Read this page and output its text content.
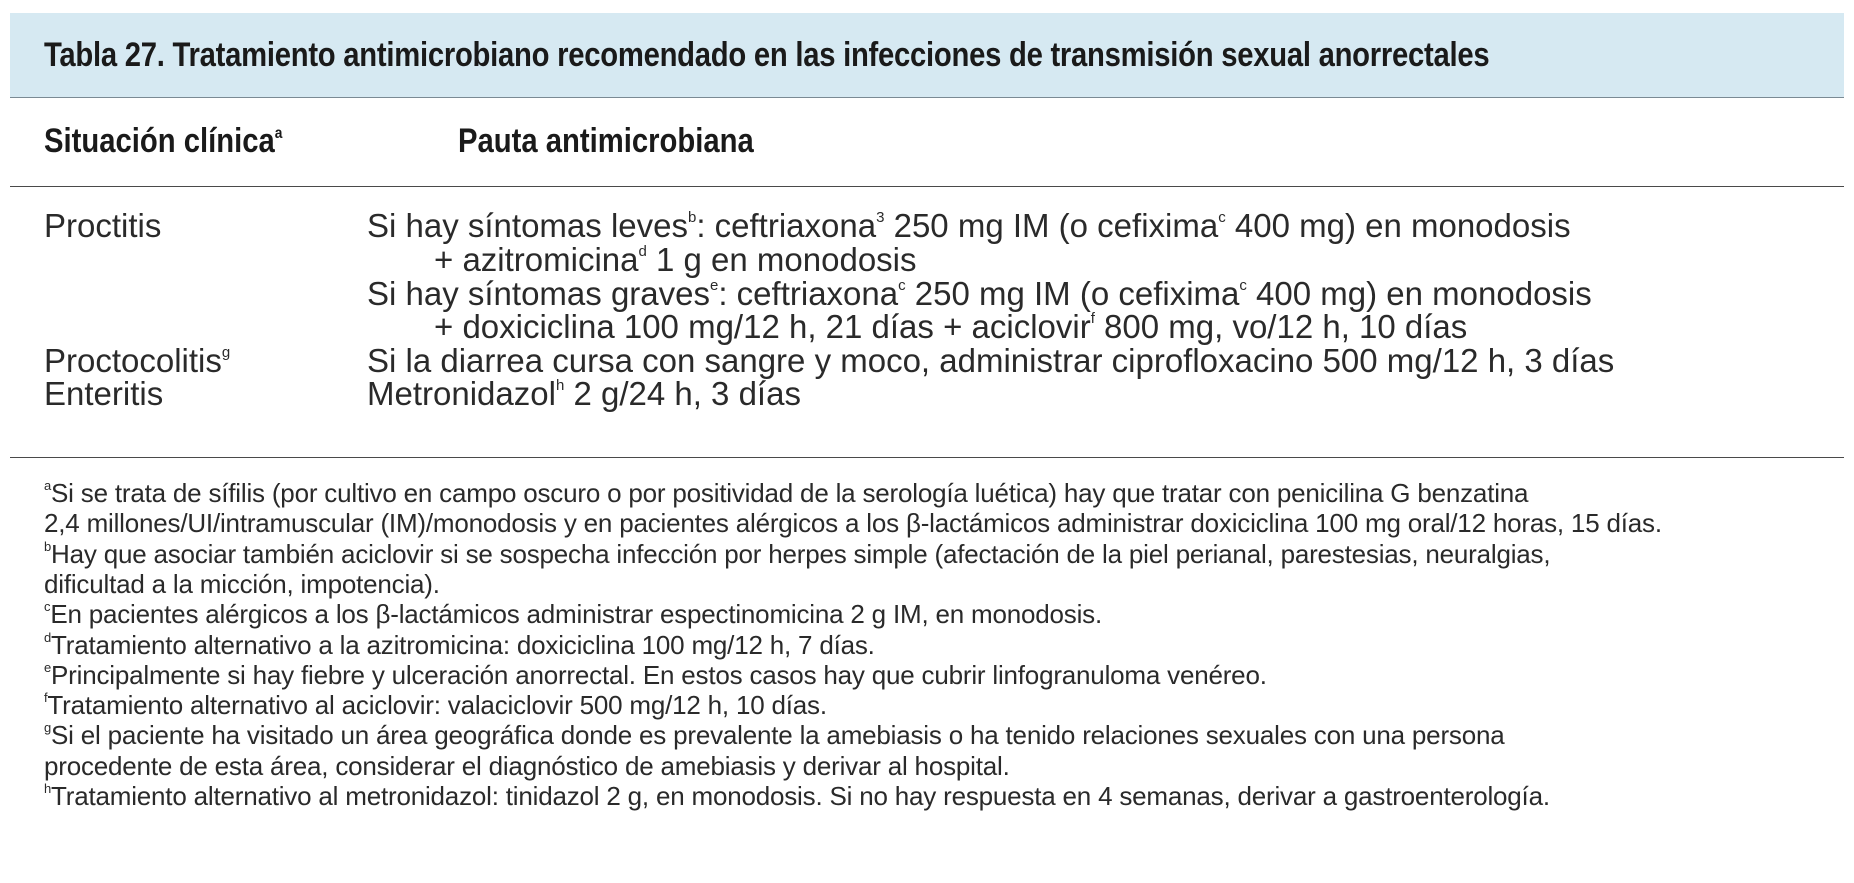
Tabla 27. Tratamiento antimicrobiano recomendado en las infecciones de transmisión sexual anorrectales
Situación clínica$^a$	Pauta antimicrobiana
Proctitis	Si hay síntomas leves$^b$: ceftriaxona$^3$ 250 mg IM (o cefixima$^c$ 400 mg) en monodosis
+ azitromicina$^d$ 1 g en monodosis
Si hay síntomas graves$^e$: ceftriaxona$^c$ 250 mg IM (o cefixima$^c$ 400 mg) en monodosis
+ doxiciclina 100 mg/12 h, 21 días + aciclovir$^f$ 800 mg, vo/12 h, 10 días
Proctocolitis$^g$	Si la diarrea cursa con sangre y moco, administrar ciprofloxacino 500 mg/12 h, 3 días
Enteritis	Metronidazol$^h$ 2 g/24 h, 3 días
$^a$Si se trata de sífilis (por cultivo en campo oscuro o por positividad de la serología luética) hay que tratar con penicilina G benzatina
2,4 millones/UI/intramuscular (IM)/monodosis y en pacientes alérgicos a los β-lactámicos administrar doxiciclina 100 mg oral/12 horas, 15 días.
$^b$Hay que asociar también aciclovir si se sospecha infección por herpes simple (afectación de la piel perianal, parestesias, neuralgias,
dificultad a la micción, impotencia).
$^c$En pacientes alérgicos a los β-lactámicos administrar espectinomicina 2 g IM, en monodosis.
$^d$Tratamiento alternativo a la azitromicina: doxiciclina 100 mg/12 h, 7 días.
$^e$Principalmente si hay fiebre y ulceración anorrectal. En estos casos hay que cubrir linfogranuloma venéreo.
$^f$Tratamiento alternativo al aciclovir: valaciclovir 500 mg/12 h, 10 días.
$^g$Si el paciente ha visitado un área geográfica donde es prevalente la amebiasis o ha tenido relaciones sexuales con una persona
procedente de esta área, considerar el diagnóstico de amebiasis y derivar al hospital.
$^h$Tratamiento alternativo al metronidazol: tinidazol 2 g, en monodosis. Si no hay respuesta en 4 semanas, derivar a gastroenterología.
